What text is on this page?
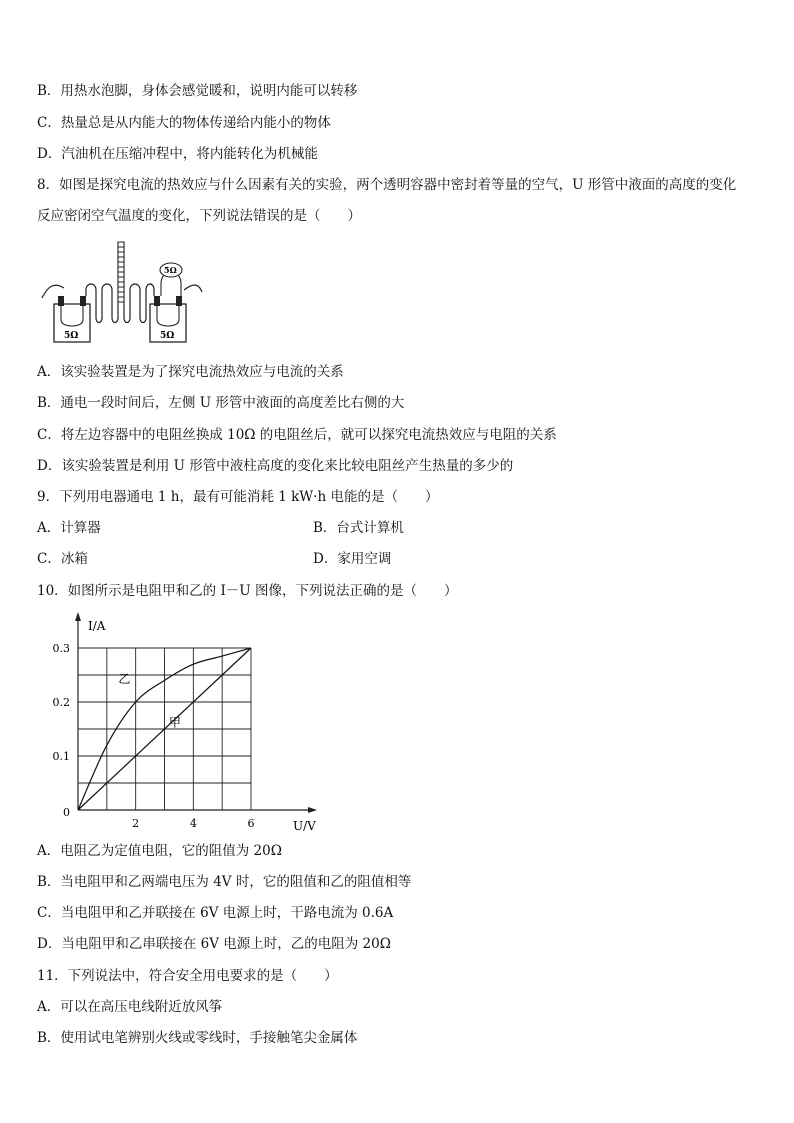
B．用热水泡脚，身体会感觉暖和，说明内能可以转移
C．热量总是从内能大的物体传递给内能小的物体
D．汽油机在压缩冲程中，将内能转化为机械能
8．如图是探究电流的热效应与什么因素有关的实验，两个透明容器中密封着等量的空气，U 形管中液面的高度的变化
反应密闭空气温度的变化，下列说法错误的是（　　）
5Ω	5Ω
5Ω
A．该实验装置是为了探究电流热效应与电流的关系
B．通电一段时间后，左侧 U 形管中液面的高度差比右侧的大
C．将左边容器中的电阻丝换成 10Ω 的电阻丝后，就可以探究电流热效应与电阻的关系
D．该实验装置是利用 U 形管中液柱高度的变化来比较电阻丝产生热量的多少的
9．下列用电器通电 1 h，最有可能消耗 1 kW·h 电能的是（　　）
A．计算器	B．台式计算机
C．冰箱	D．家用空调
10．如图所示是电阻甲和乙的 I－U 图像，下列说法正确的是（　　）
乙
甲
2	4	6
0.1
0.2
0.3
0
I/A
U/V
A．电阻乙为定值电阻，它的阻值为 20Ω
B．当电阻甲和乙两端电压为 4V 时，它的阻值和乙的阻值相等
C．当电阻甲和乙并联接在 6V 电源上时，干路电流为 0.6A
D．当电阻甲和乙串联接在 6V 电源上时，乙的电阻为 20Ω
11．下列说法中，符合安全用电要求的是（　　）
A．可以在高压电线附近放风筝
B．使用试电笔辨别火线或零线时，手接触笔尖金属体
